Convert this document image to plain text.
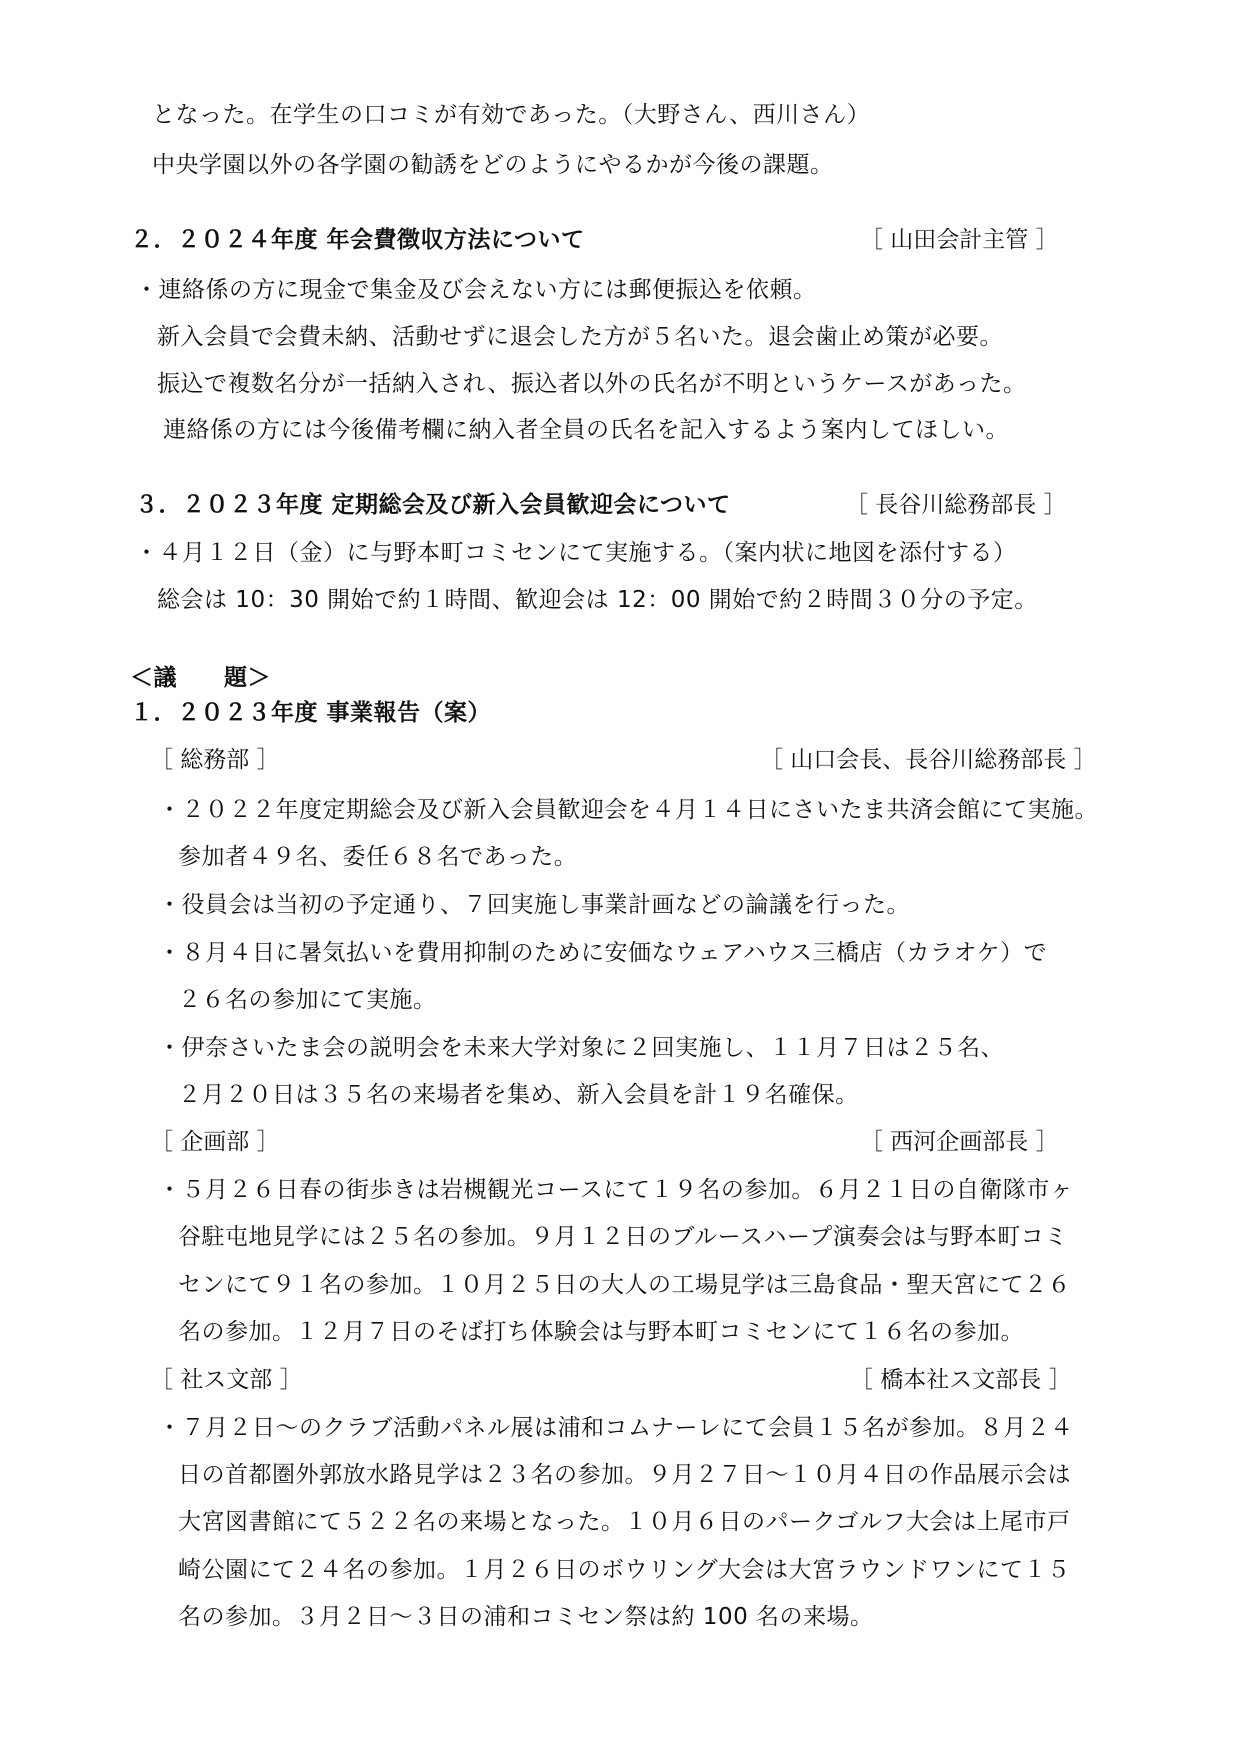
となった。在学生の口コミが有効であった。（大野さん、西川さん）
中央学園以外の各学園の勧誘をどのようにやるかが今後の課題。
２．２０２４年度 年会費徴収方法について	［ 山田会計主管 ］
・連絡係の方に現金で集金及び会えない方には郵便振込を依頼。
新入会員で会費未納、活動せずに退会した方が５名いた。退会歯止め策が必要。
振込で複数名分が一括納入され、振込者以外の氏名が不明というケースがあった。
連絡係の方には今後備考欄に納入者全員の氏名を記入するよう案内してほしい。
３．２０２３年度 定期総会及び新入会員歓迎会について	［ 長谷川総務部長 ］
・４月１２日（金）に与野本町コミセンにて実施する。（案内状に地図を添付する）
総会は 10：30 開始で約１時間、歓迎会は 12：00 開始で約２時間３０分の予定。
＜議　　題＞
１．２０２３年度 事業報告（案）
［ 総務部 ］	［ 山口会長、長谷川総務部長 ］
・２０２２年度定期総会及び新入会員歓迎会を４月１４日にさいたま共済会館にて実施。
参加者４９名、委任６８名であった。
・役員会は当初の予定通り、７回実施し事業計画などの論議を行った。
・８月４日に暑気払いを費用抑制のために安価なウェアハウス三橋店（カラオケ）で
２６名の参加にて実施。
・伊奈さいたま会の説明会を未来大学対象に２回実施し、１１月７日は２５名、
２月２０日は３５名の来場者を集め、新入会員を計１９名確保。
［ 企画部 ］	［ 西河企画部長 ］
・５月２６日春の街歩きは岩槻観光コースにて１９名の参加。６月２１日の自衛隊市ヶ
谷駐屯地見学には２５名の参加。９月１２日のブルースハープ演奏会は与野本町コミ
センにて９１名の参加。１０月２５日の大人の工場見学は三島食品・聖天宮にて２６
名の参加。１２月７日のそば打ち体験会は与野本町コミセンにて１６名の参加。
［ 社ス文部 ］	［ 橋本社ス文部長 ］
・７月２日～のクラブ活動パネル展は浦和コムナーレにて会員１５名が参加。８月２４
日の首都圏外郭放水路見学は２３名の参加。９月２７日～１０月４日の作品展示会は
大宮図書館にて５２２名の来場となった。１０月６日のパークゴルフ大会は上尾市戸
崎公園にて２４名の参加。１月２６日のボウリング大会は大宮ラウンドワンにて１５
名の参加。３月２日～３日の浦和コミセン祭は約 100 名の来場。
